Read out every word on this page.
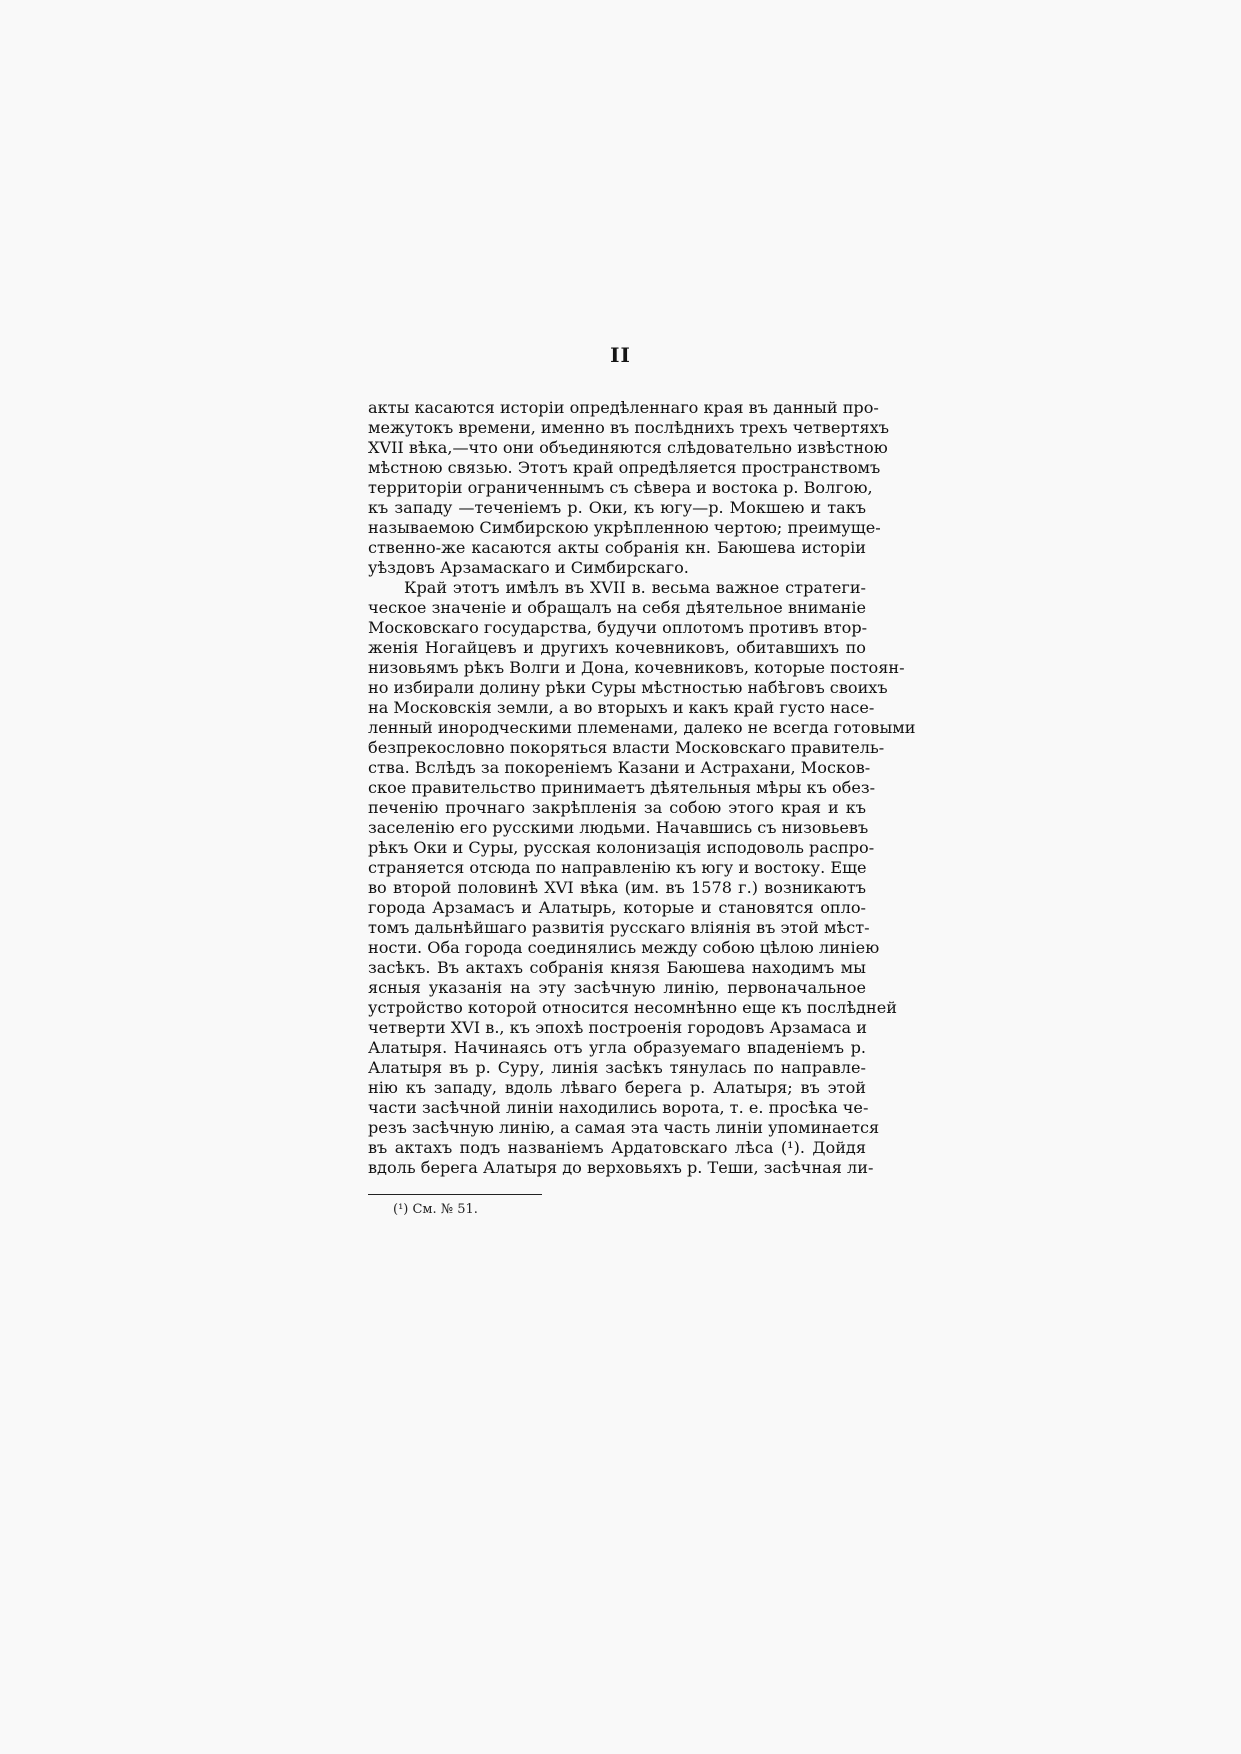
II
акты касаются исторiи опредѣленнаго края въ данный про-
межутокъ времени, именно въ послѣднихъ трехъ четвертяхъ
XVII вѣка,—что они объединяются слѣдовательно извѣстною
мѣстною связью. Этотъ край опредѣляется пространствомъ
территорiи ограниченнымъ съ сѣвера и востока р. Волгою,
къ западу —теченiемъ р. Оки, къ югу—р. Мокшею и такъ
называемою Симбирскою укрѣпленною чертою; преимуще-
ственно-же касаются акты собранiя кн. Баюшева исторiи
уѣздовъ Арзамаскаго и Симбирскаго.
Край этотъ имѣлъ въ XVII в. весьма важное стратеги-
ческое значенiе и обращалъ на себя дѣятельное вниманiе
Московскаго государства, будучи оплотомъ противъ втор-
женiя Ногайцевъ и другихъ кочевниковъ, обитавшихъ по
низовьямъ рѣкъ Волги и Дона, кочевниковъ, которые постоян-
но избирали долину рѣки Суры мѣстностью набѣговъ своихъ
на Московскiя земли, а во вторыхъ и какъ край густо насе-
ленный инородческими племенами, далеко не всегда готовыми
безпрекословно покоряться власти Московскаго правитель-
ства. Вслѣдъ за покоренiемъ Казани и Астрахани, Москов-
ское правительство принимаетъ дѣятельныя мѣры къ обез-
печенiю прочнаго закрѣпленiя за собою этого края и къ
заселенiю его русскими людьми. Начавшись съ низовьевъ
рѣкъ Оки и Суры, русская колонизацiя исподоволь распро-
страняется отсюда по направленiю къ югу и востоку. Еще
во второй половинѣ XVI вѣка (им. въ 1578 г.) возникаютъ
города Арзамасъ и Алатырь, которые и становятся опло-
томъ дальнѣйшаго развитiя русскаго влiянiя въ этой мѣст-
ности. Оба города соединялись между собою цѣлою линiею
засѣкъ. Въ актахъ собранiя князя Баюшева находимъ мы
ясныя указанiя на эту засѣчную линiю, первоначальное
устройство которой относится несомнѣнно еще къ послѣдней
четверти XVI в., къ эпохѣ построенiя городовъ Арзамаса и
Алатыря. Начинаясь отъ угла образуемаго впаденiемъ р.
Алатыря въ р. Суру, линiя засѣкъ тянулась по направле-
нiю къ западу, вдоль лѣваго берега р. Алатыря; въ этой
части засѣчной линiи находились ворота, т. е. просѣка че-
резъ засѣчную линiю, а самая эта часть линiи упоминается
въ актахъ подъ названiемъ Ардатовскаго лѣса (¹). Дойдя
вдоль берега Алатыря до верховьяхъ р. Теши, засѣчная ли-
(¹) См. № 51.
